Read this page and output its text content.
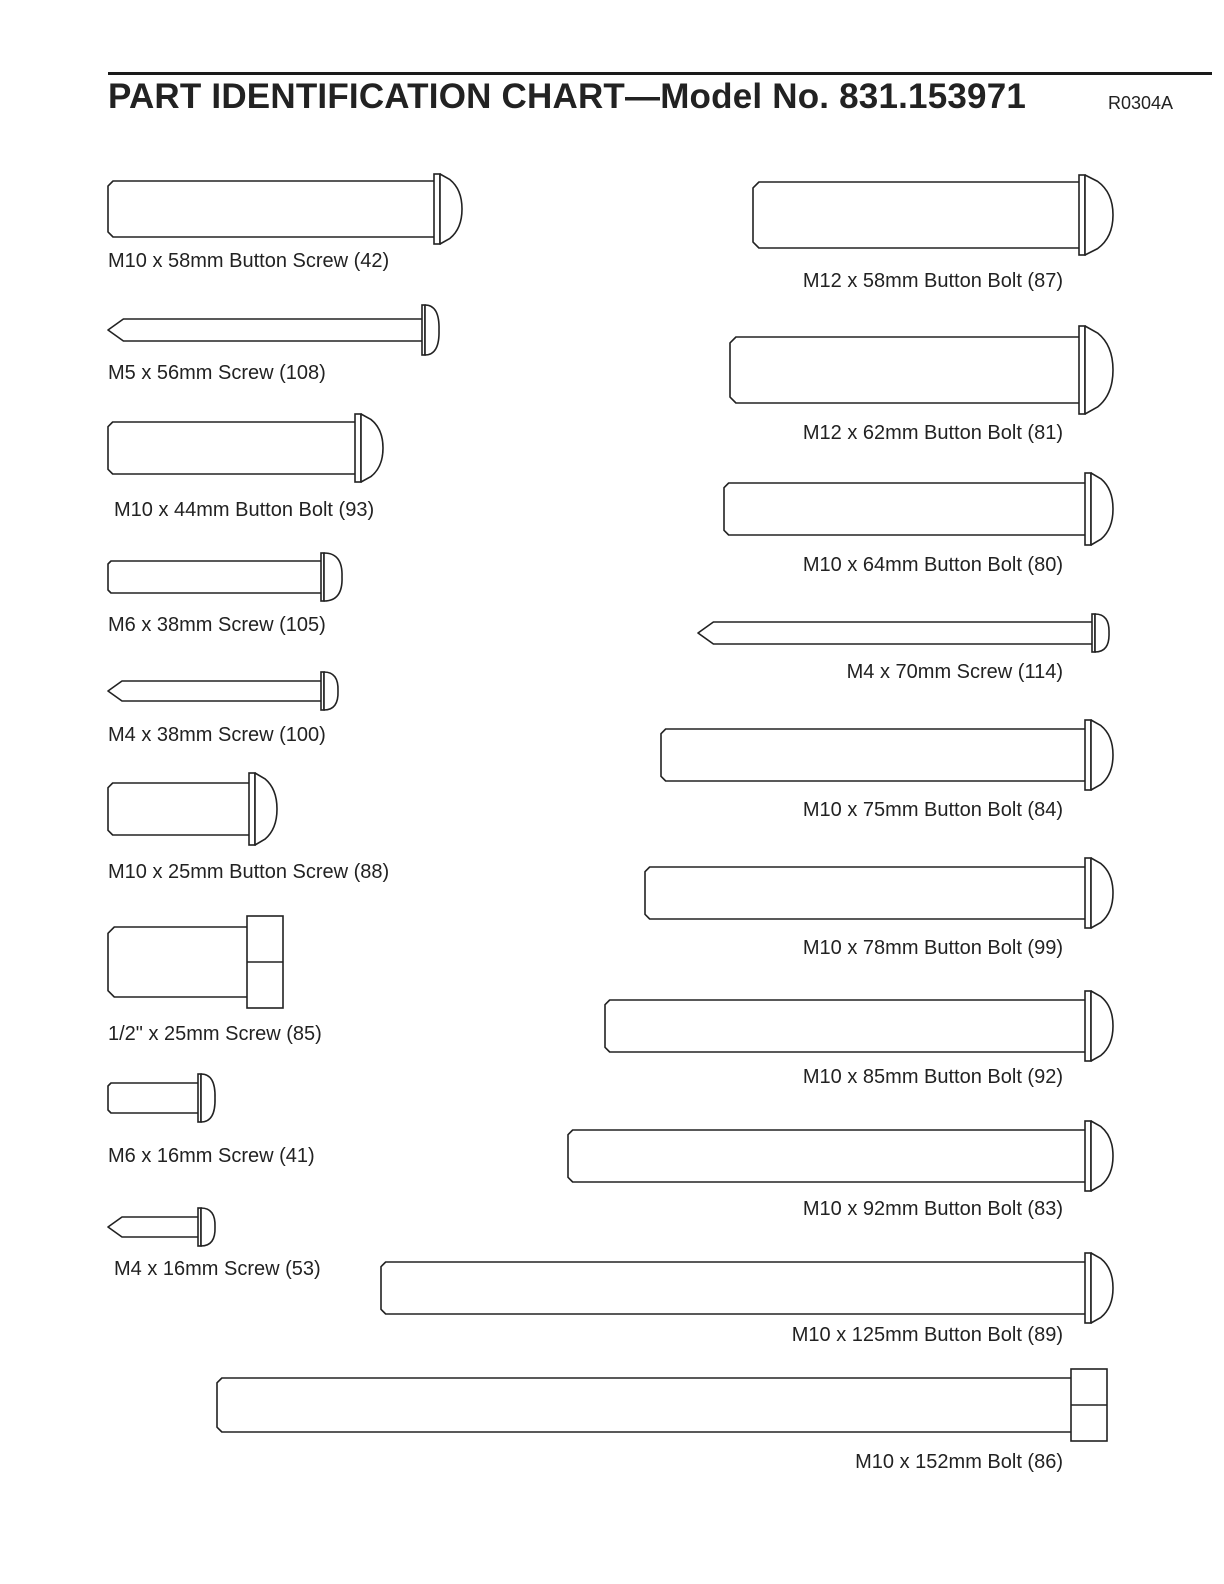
PART IDENTIFICATION CHART—Model No. 831.153971	R0304A
M10 x 58mm Button Screw (42)
M5 x 56mm Screw (108)
M10 x 44mm Button Bolt (93)
M6 x 38mm Screw (105)
M4 x 38mm Screw (100)
M10 x 25mm Button Screw (88)
1/2" x 25mm Screw (85)
M6 x 16mm Screw (41)
M4 x 16mm Screw (53)
M12 x 58mm Button Bolt (87)
M12 x 62mm Button Bolt (81)
M10 x 64mm Button Bolt (80)
M4 x 70mm Screw (114)
M10 x 75mm Button Bolt (84)
M10 x 78mm Button Bolt (99)
M10 x 85mm Button Bolt (92)
M10 x 92mm Button Bolt (83)
M10 x 125mm Button Bolt (89)
M10 x 152mm Bolt (86)
